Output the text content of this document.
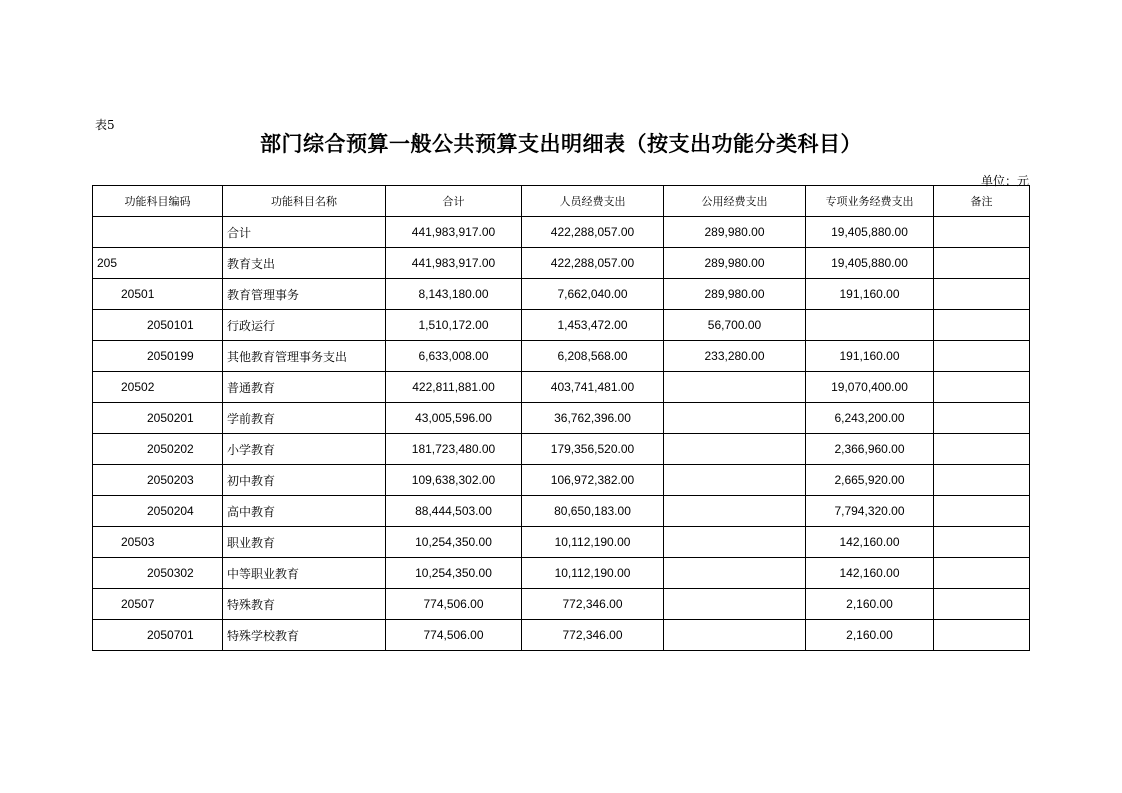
表5
部门综合预算一般公共预算支出明细表（按支出功能分类科目）
单位：元
功能科目编码	功能科目名称	合计	人员经费支出	公用经费支出	专项业务经费支出	备注
	合计	441,983,917.00	422,288,057.00	289,980.00	19,405,880.00	
205	教育支出	441,983,917.00	422,288,057.00	289,980.00	19,405,880.00	
20501	教育管理事务	8,143,180.00	7,662,040.00	289,980.00	191,160.00	
2050101	行政运行	1,510,172.00	1,453,472.00	56,700.00		
2050199	其他教育管理事务支出	6,633,008.00	6,208,568.00	233,280.00	191,160.00	
20502	普通教育	422,811,881.00	403,741,481.00		19,070,400.00	
2050201	学前教育	43,005,596.00	36,762,396.00		6,243,200.00	
2050202	小学教育	181,723,480.00	179,356,520.00		2,366,960.00	
2050203	初中教育	109,638,302.00	106,972,382.00		2,665,920.00	
2050204	高中教育	88,444,503.00	80,650,183.00		7,794,320.00	
20503	职业教育	10,254,350.00	10,112,190.00		142,160.00	
2050302	中等职业教育	10,254,350.00	10,112,190.00		142,160.00	
20507	特殊教育	774,506.00	772,346.00		2,160.00	
2050701	特殊学校教育	774,506.00	772,346.00		2,160.00	
